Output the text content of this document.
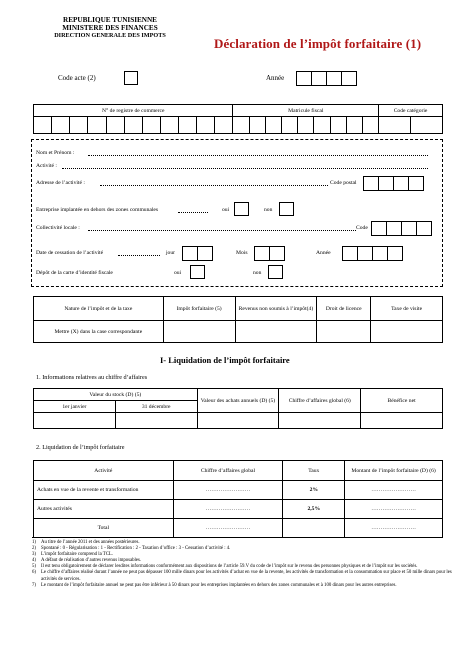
REPUBLIQUE TUNISIENNE
MINISTERE DES FINANCES
DIRECTION GENERALE DES IMPOTS
Déclaration de l’impôt forfaitaire (1)
Code acte (2)	Année
N° de registre de commerce	Matricule fiscal	Code catégorie

Nom et Prénom :
Activité :
Adresse de l’activité :	Code postal
Entreprise implantée en dehors des zones communales	oui	non
Collectivité locale :	Code
Date de cessation de l’activité	jour	Mois	Année
Dépôt de la carte d’identité fiscale	oui	non
Nature de l’impôt et de la taxe	Impôt forfaitaire (5)	Revenus non soumis à l’impôt(4)	Droit de licence	Taxe de visite
Mettre (X) dans la case correspondante				
I- Liquidation de l’impôt forfaitaire
1. Informations relatives au chiffre d’affaires
Valeur du stock (D) (5)		Valeur des achats annuels (D) (5)	Chiffre d’affaires global (6)	Bénéfice net
1er janvier	31 décembre			

2. Liquidation de l’impôt forfaitaire
Activité	Chiffre d’affaires global	Taux	Montant de l’impôt forfaitaire (D) (6)
Achats en vue de la revente et transformation	……………………	2%	……………………
Autres activités	……………………	2,5%	……………………
Total	……………………		……………………
1)	Au titre de l’année 2011 et des années postérieures.
2)	Spontané : 0 - Régularisation : 1 - Rectification : 2 - Taxation d’office : 3 - Cessation d’activité : 4.
3)	L’impôt forfaitaire comprend la TCL.
4)	A défaut de réalisation d’autres revenus imposables.
5)	Il est tenu obligatoirement de déclarer lesdites informations conformément aux dispositions de l’article 59.V du code de l’impôt sur le revenu des personnes physiques et de l’impôt sur les sociétés.
6)	Le chiffre d’affaires réalisé durant l’année ne peut pas dépasser 100 mille dinars pour les activités d’achat en vue de la revente, les activités de transformation et la consommation sur place et 50 mille dinars pour les activités de services.
7)	Le montant de l’impôt forfaitaire annuel ne peut pas être inférieur à 50 dinars pour les entreprises implantées en dehors des zones communales et à 100 dinars pour les autres entreprises.
